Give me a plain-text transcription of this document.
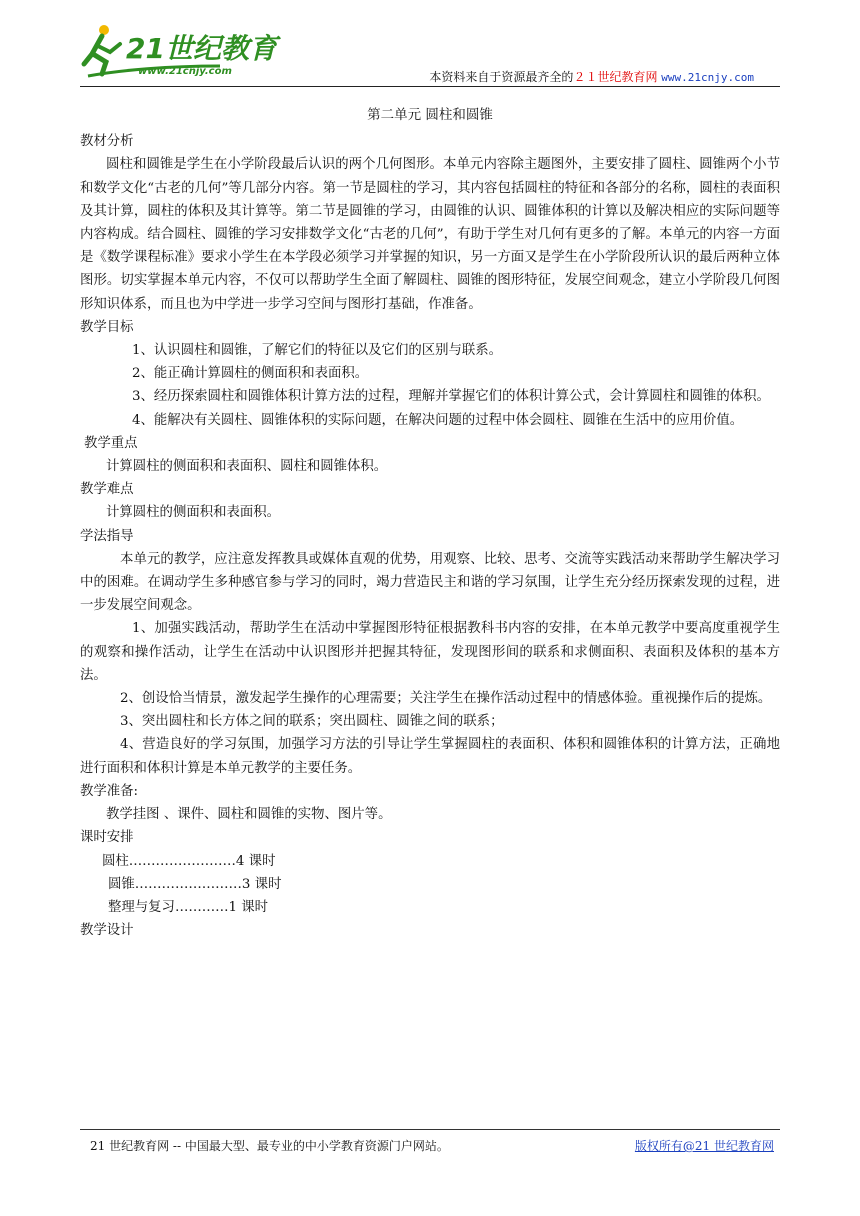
21世纪教育
www.21cnjy.com	本资料来自于资源最齐全的２１世纪教育网 www.21cnjy.com
第二单元 圆柱和圆锥

教材分析

圆柱和圆锥是学生在小学阶段最后认识的两个几何图形。本单元内容除主题图外，主要安排了圆柱、圆锥两个小节和数学文化“古老的几何”等几部分内容。第一节是圆柱的学习，其内容包括圆柱的特征和各部分的名称，圆柱的表面积及其计算，圆柱的体积及其计算等。第二节是圆锥的学习，由圆锥的认识、圆锥体积的计算以及解决相应的实际问题等内容构成。结合圆柱、圆锥的学习安排数学文化“古老的几何”，有助于学生对几何有更多的了解。本单元的内容一方面是《数学课程标准》要求小学生在本学段必须学习并掌握的知识，另一方面又是学生在小学阶段所认识的最后两种立体图形。切实掌握本单元内容，不仅可以帮助学生全面了解圆柱、圆锥的图形特征，发展空间观念，建立小学阶段几何图形知识体系，而且也为中学进一步学习空间与图形打基础，作准备。

教学目标

1、认识圆柱和圆锥，了解它们的特征以及它们的区别与联系。

2、能正确计算圆柱的侧面积和表面积。

3、经历探索圆柱和圆锥体积计算方法的过程，理解并掌握它们的体积计算公式，会计算圆柱和圆锥的体积。

4、能解决有关圆柱、圆锥体积的实际问题，在解决问题的过程中体会圆柱、圆锥在生活中的应用价值。

教学重点

计算圆柱的侧面积和表面积、圆柱和圆锥体积。

教学难点

计算圆柱的侧面积和表面积。

学法指导

本单元的教学，应注意发挥教具或媒体直观的优势，用观察、比较、思考、交流等实践活动来帮助学生解决学习中的困难。在调动学生多种感官参与学习的同时，竭力营造民主和谐的学习氛围，让学生充分经历探索发现的过程，进一步发展空间观念。

1、加强实践活动，帮助学生在活动中掌握图形特征根据教科书内容的安排，在本单元教学中要高度重视学生的观察和操作活动，让学生在活动中认识图形并把握其特征，发现图形间的联系和求侧面积、表面积及体积的基本方法。

2、创设恰当情景，激发起学生操作的心理需要；关注学生在操作活动过程中的情感体验。重视操作后的提炼。

3、突出圆柱和长方体之间的联系；突出圆柱、圆锥之间的联系；

4、营造良好的学习氛围，加强学习方法的引导让学生掌握圆柱的表面积、体积和圆锥体积的计算方法，正确地进行面积和体积计算是本单元教学的主要任务。

教学准备:

教学挂图 、课件、圆柱和圆锥的实物、图片等。

课时安排

圆柱……………………4 课时

圆锥……………………3 课时

整理与复习…………1 课时

教学设计

21 世纪教育网 -- 中国最大型、最专业的中小学教育资源门户网站。	版权所有@21 世纪教育网
